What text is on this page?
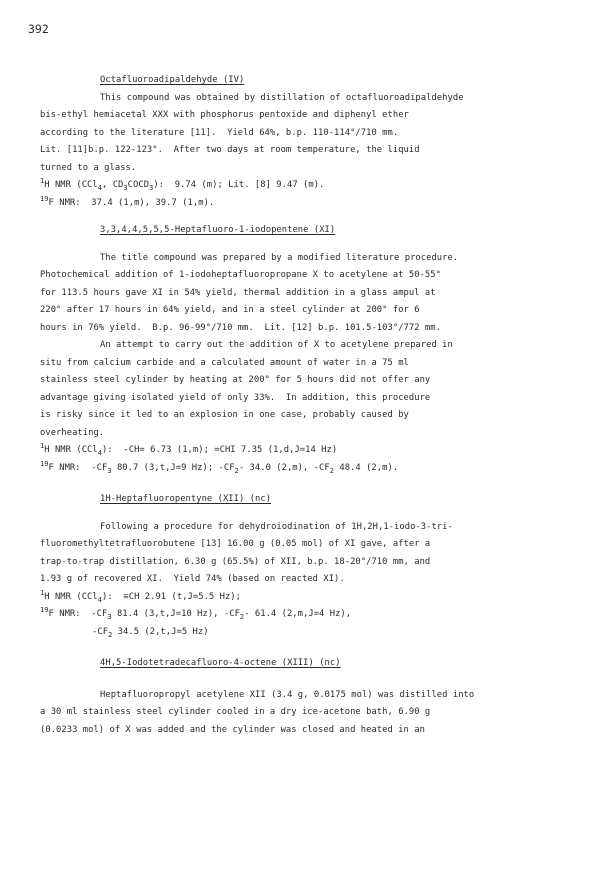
392
Octafluoroadipaldehyde (IV)
This compound was obtained by distillation of octafluoroadipaldehyde
bis-ethyl hemiacetal XXX with phosphorus pentoxide and diphenyl ether
according to the literature [11].  Yield 64%, b.p. 110-114°/710 mm.
Lit. [11]b.p. 122-123°.  After two days at room temperature, the liquid
turned to a glass.
$^1$H NMR (CCl$_4$, $CD_3COCD_3$):  9.74 (m); Lit. [8] 9.47 (m).
$^{19}$F NMR:  37.4 (1,m), 39.7 (1,m).
3,3,4,4,5,5,5-Heptafluoro-1-iodopentene (XI)
The title compound was prepared by a modified literature procedure.
Photochemical addition of 1-iodoheptafluoropropane X to acetylene at 50-55°
for 113.5 hours gave XI in 54% yield, thermal addition in a glass ampul at
220° after 17 hours in 64% yield, and in a steel cylinder at 200° for 6
hours in 76% yield.  B.p. 96-99°/710 mm.  Lit. [12] b.p. 101.5-103°/772 mm.
An attempt to carry out the addition of X to acetylene prepared in
situ from calcium carbide and a calculated amount of water in a 75 ml
stainless steel cylinder by heating at 200° for 5 hours did not offer any
advantage giving isolated yield of only 33%.  In addition, this procedure
is risky since it led to an explosion in one case, probably caused by
overheating.
$^1$H NMR (CCl$_4$):  -CH= 6.73 (1,m); =CHI 7.35 (1,d,J=14 Hz)
$^{19}$F NMR:  $-CF_3$ 80.7 (3,t,J=9 Hz); $-CF_2-$ 34.0 (2,m), $-CF_2$ 48.4 (2,m).
1H-Heptafluoropentyne (XII) (nc)
Following a procedure for dehydroiodination of 1H,2H,1-iodo-3-tri-
fluoromethyltetrafluorobutene [13] 16.00 g (0.05 mol) of XI gave, after a
trap-to-trap distillation, 6.30 g (65.5%) of XII, b.p. 18-20°/710 mm, and
1.93 g of recovered XI.  Yield 74% (based on reacted XI).
$^1$H NMR (CCl$_4$):  ≡CH 2.91 (t,J=5.5 Hz);
$^{19}$F NMR:  $-CF_3$ 81.4 (3,t,J=10 Hz), $-CF_2-$ 61.4 (2,m,J=4 Hz),
$-CF_2$ 34.5 (2,t,J=5 Hz)
4H,5-Iodotetradecafluoro-4-octene (XIII) (nc)
Heptafluoropropyl acetylene XII (3.4 g, 0.0175 mol) was distilled into
a 30 ml stainless steel cylinder cooled in a dry ice-acetone bath, 6.90 g
(0.0233 mol) of X was added and the cylinder was closed and heated in an
